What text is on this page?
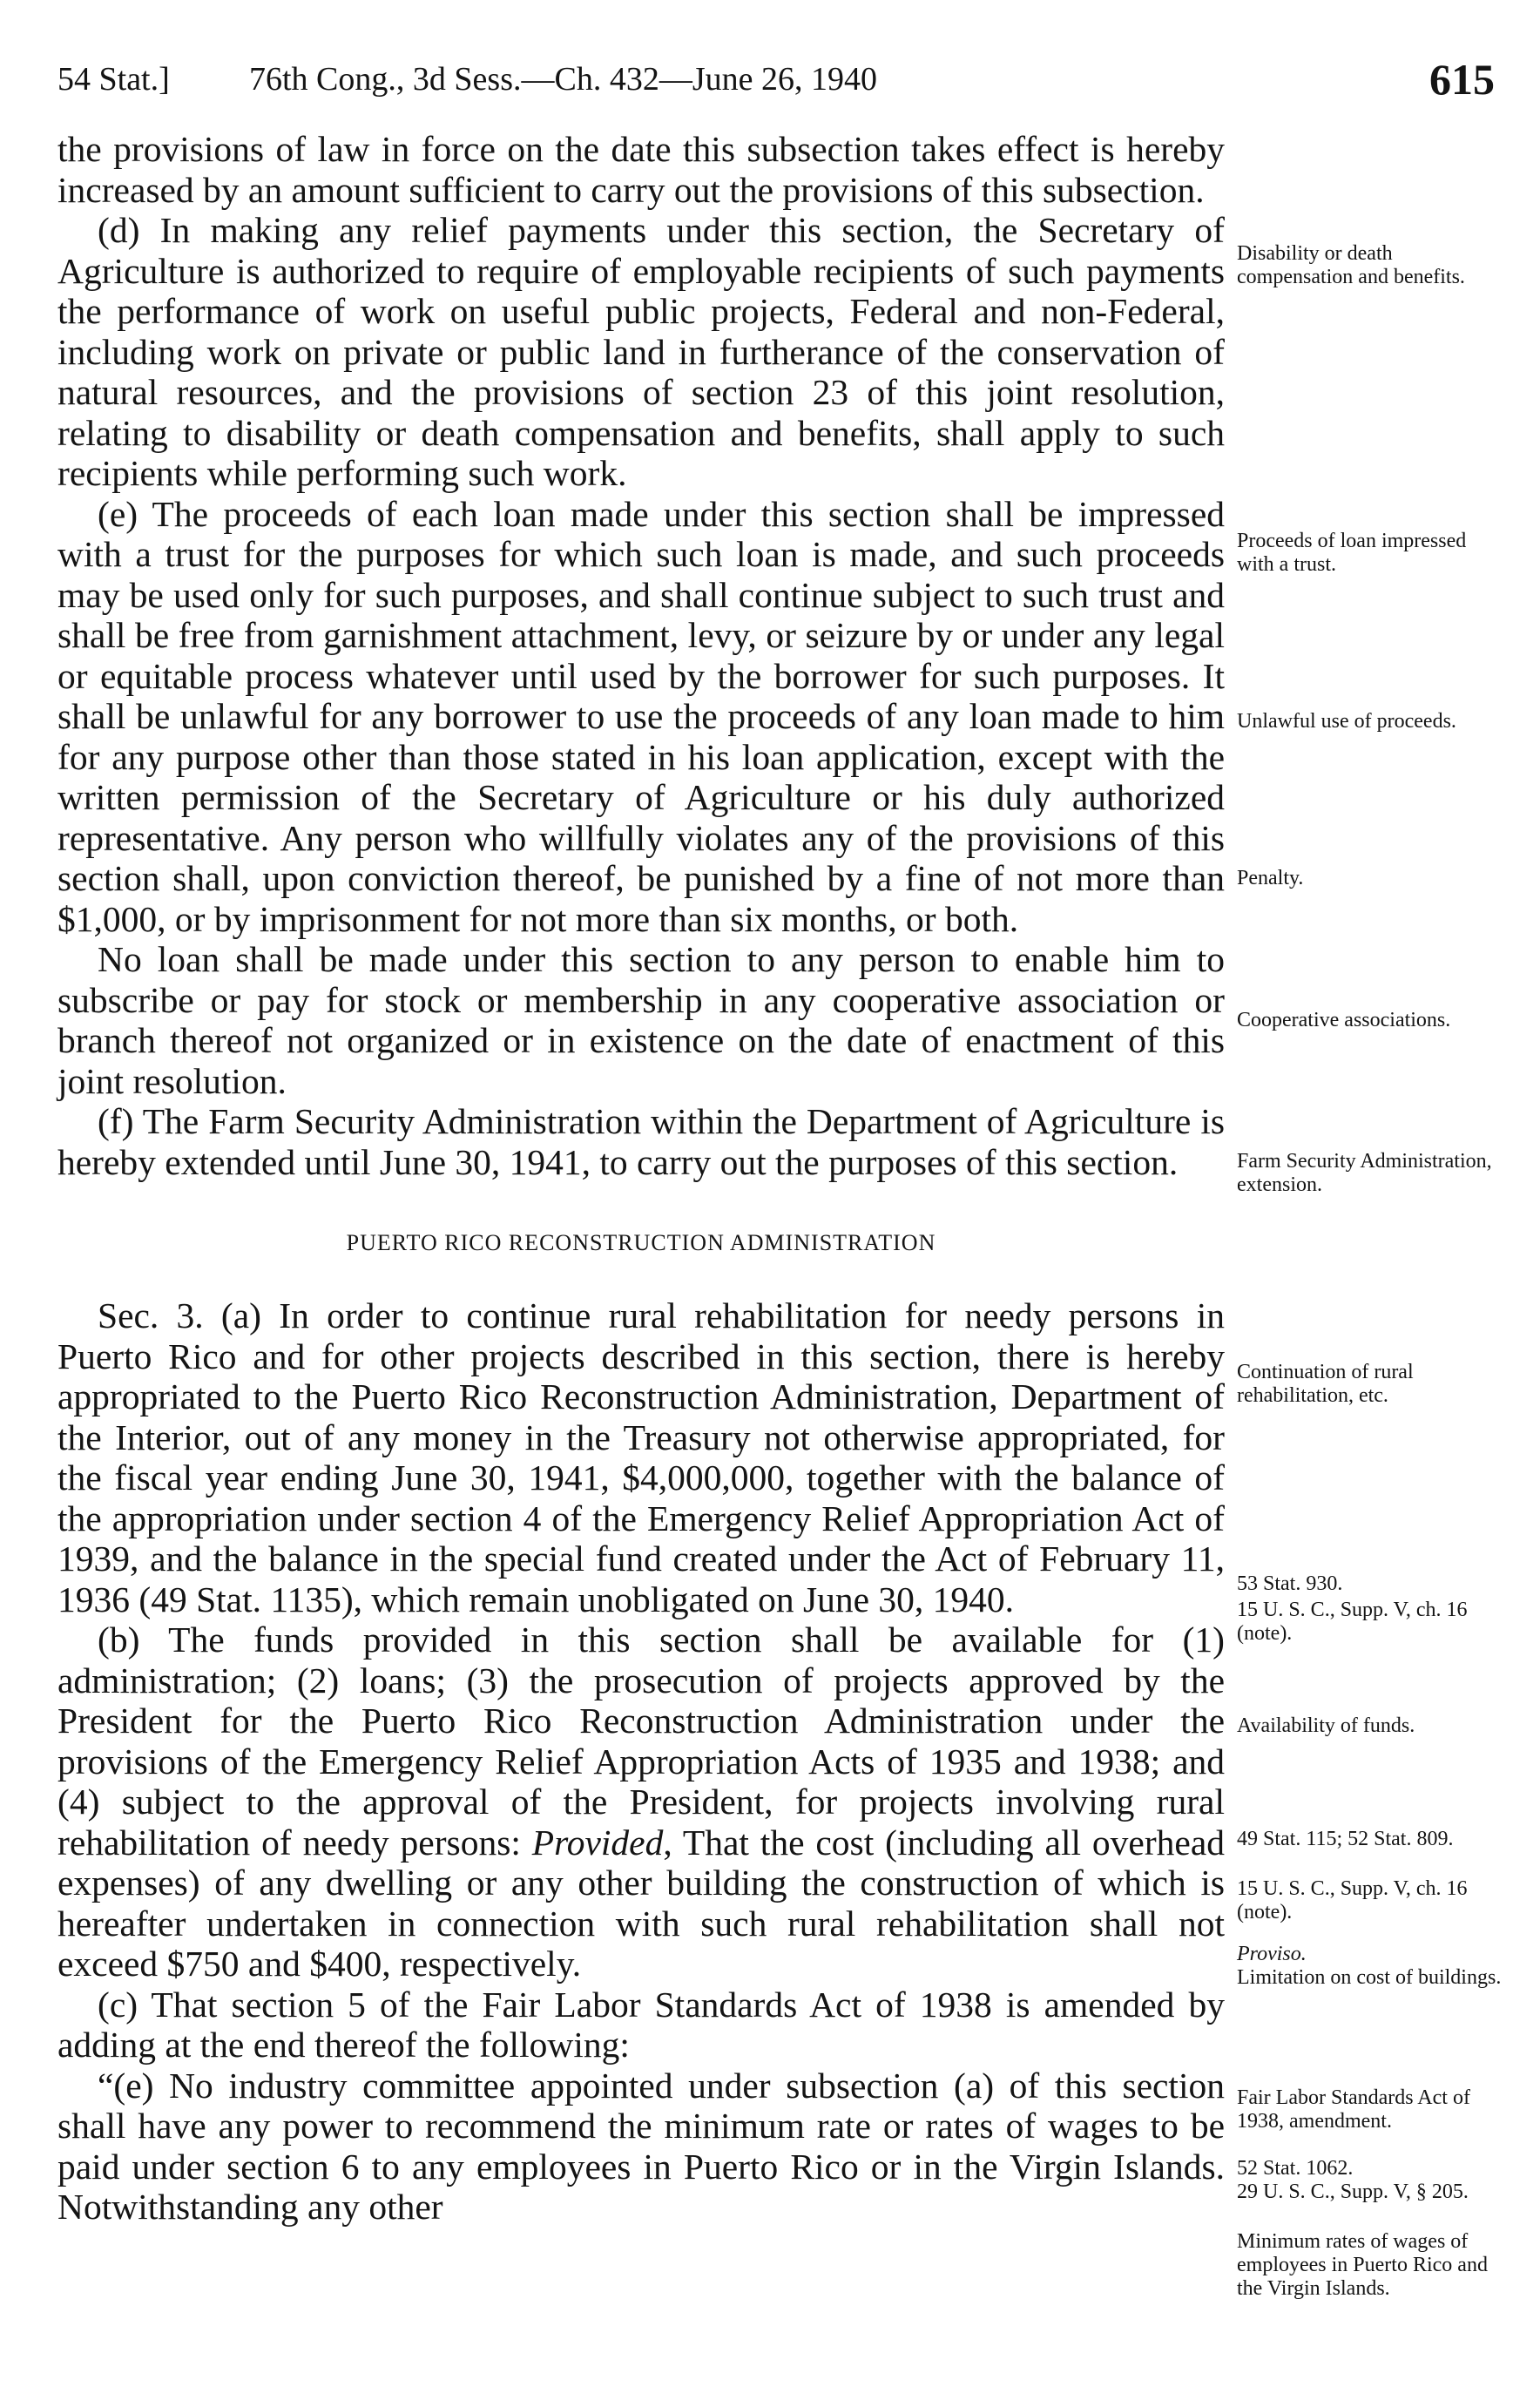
54 Stat.] 76th Cong., 3d Sess.—Ch. 432—June 26, 1940	615

the provisions of law in force on the date this subsection takes effect is hereby increased by an amount sufficient to carry out the provisions of this subsection.

(d) In making any relief payments under this section, the Secretary of Agriculture is authorized to require of employable recipients of such payments the performance of work on useful public projects, Federal and non-Federal, including work on private or public land in furtherance of the conservation of natural resources, and the provisions of section 23 of this joint resolution, relating to disability or death compensation and benefits, shall apply to such recipients while performing such work.

(e) The proceeds of each loan made under this section shall be impressed with a trust for the purposes for which such loan is made, and such proceeds may be used only for such purposes, and shall continue subject to such trust and shall be free from garnishment attachment, levy, or seizure by or under any legal or equitable process whatever until used by the borrower for such purposes. It shall be unlawful for any borrower to use the proceeds of any loan made to him for any purpose other than those stated in his loan application, except with the written permission of the Secretary of Agriculture or his duly authorized representative. Any person who willfully violates any of the provisions of this section shall, upon conviction thereof, be punished by a fine of not more than $1,000, or by imprisonment for not more than six months, or both.

No loan shall be made under this section to any person to enable him to subscribe or pay for stock or membership in any cooperative association or branch thereof not organized or in existence on the date of enactment of this joint resolution.

(f) The Farm Security Administration within the Department of Agriculture is hereby extended until June 30, 1941, to carry out the purposes of this section.

PUERTO RICO RECONSTRUCTION ADMINISTRATION

Sec. 3. (a) In order to continue rural rehabilitation for needy persons in Puerto Rico and for other projects described in this section, there is hereby appropriated to the Puerto Rico Reconstruction Administration, Department of the Interior, out of any money in the Treasury not otherwise appropriated, for the fiscal year ending June 30, 1941, $4,000,000, together with the balance of the appropriation under section 4 of the Emergency Relief Appropriation Act of 1939, and the balance in the special fund created under the Act of February 11, 1936 (49 Stat. 1135), which remain unobligated on June 30, 1940.

(b) The funds provided in this section shall be available for (1) administration; (2) loans; (3) the prosecution of projects approved by the President for the Puerto Rico Reconstruction Administration under the provisions of the Emergency Relief Appropriation Acts of 1935 and 1938; and (4) subject to the approval of the President, for projects involving rural rehabilitation of needy persons: Provided, That the cost (including all overhead expenses) of any dwelling or any other building the construction of which is hereafter undertaken in connection with such rural rehabilitation shall not exceed $750 and $400, respectively.

(c) That section 5 of the Fair Labor Standards Act of 1938 is amended by adding at the end thereof the following:

“(e) No industry committee appointed under subsection (a) of this section shall have any power to recommend the minimum rate or rates of wages to be paid under section 6 to any employees in Puerto Rico or in the Virgin Islands. Notwithstanding any other

Disability or death compensation and benefits.
Proceeds of loan impressed with a trust.
Unlawful use of proceeds.
Penalty.
Cooperative associations.
Farm Security Administration, extension.
Continuation of rural rehabilitation, etc.
53 Stat. 930.
15 U. S. C., Supp. V, ch. 16 (note).
Availability of funds.
49 Stat. 115; 52 Stat. 809.
15 U. S. C., Supp. V, ch. 16 (note).
Proviso.
Limitation on cost of buildings.
Fair Labor Standards Act of 1938, amendment.
52 Stat. 1062.
29 U. S. C., Supp. V, § 205.
Minimum rates of wages of employees in Puerto Rico and the Virgin Islands.
